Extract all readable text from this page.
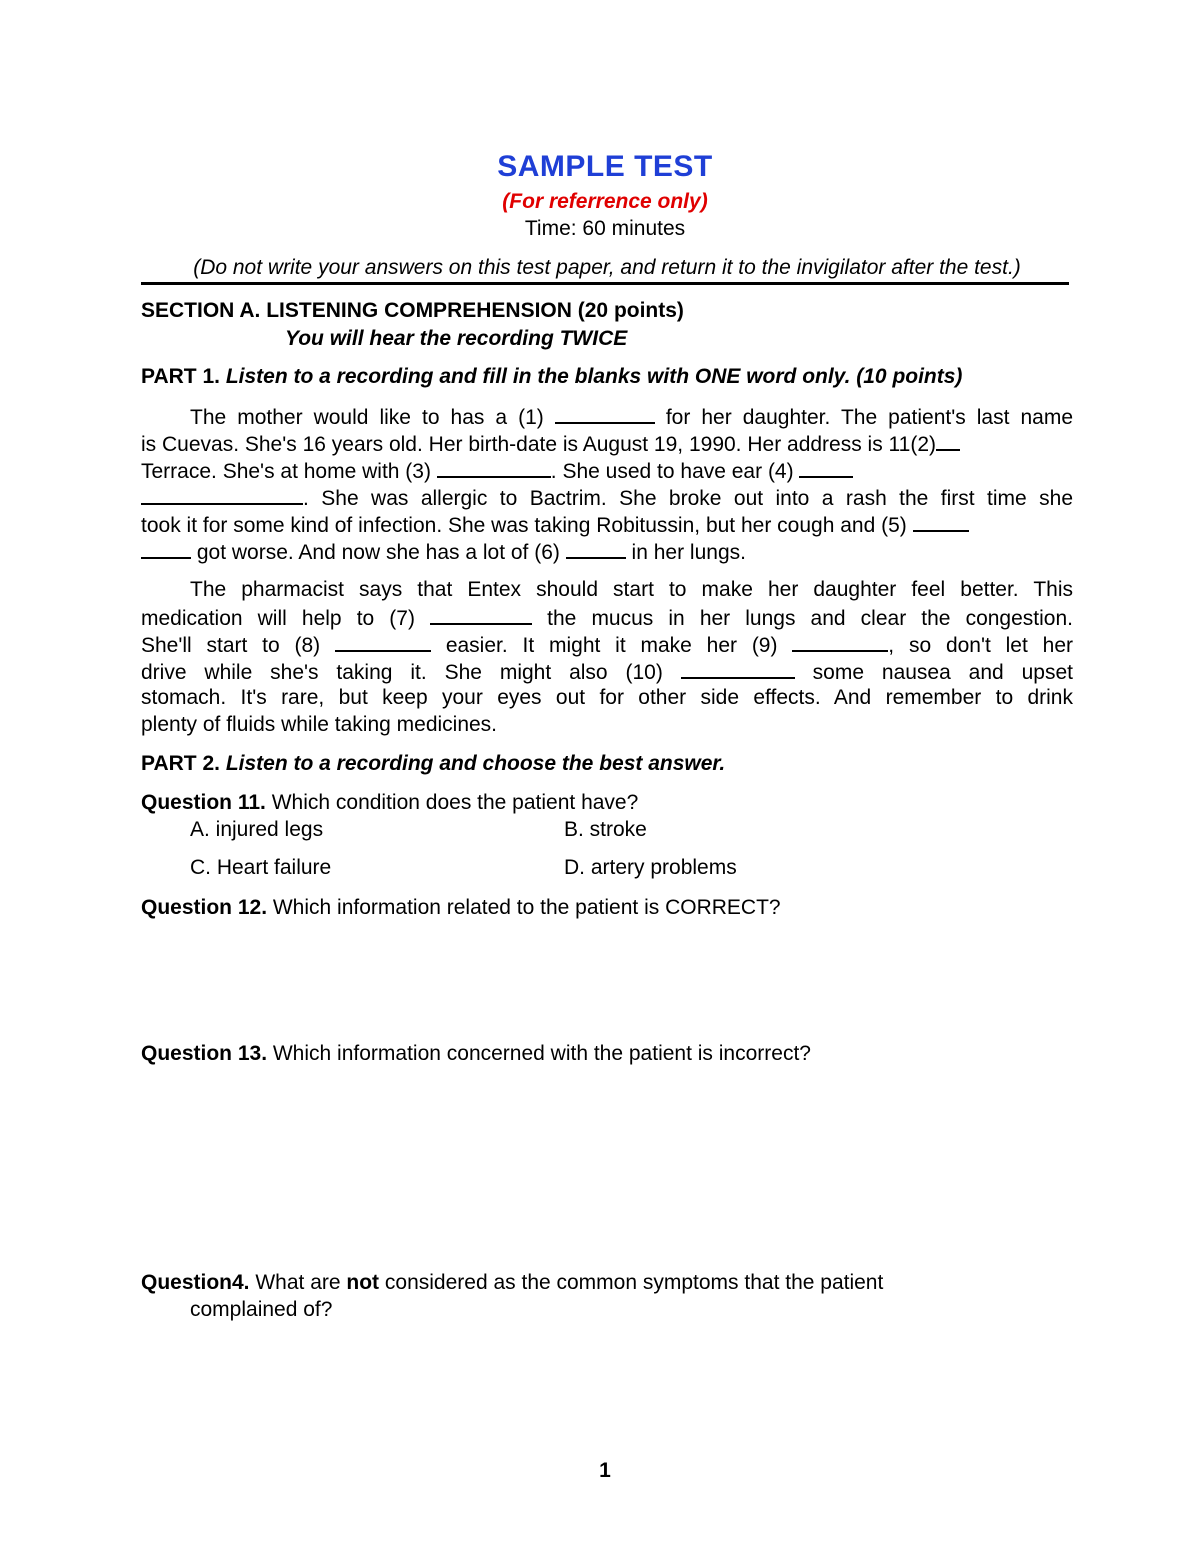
SAMPLE TEST
(For referrence only)
Time: 60 minutes
(Do not write your answers on this test paper, and return it to the invigilator after the test.)
SECTION A. LISTENING COMPREHENSION (20 points)
You will hear the recording TWICE
PART 1. Listen to a recording and fill in the blanks with ONE word only. (10 points)
The mother would like to has a (1)	for her daughter. The patient's last name
is Cuevas. She's 16 years old. Her birth-date is August 19, 1990. Her address is 11(2)
Terrace. She's at home with (3)	. She used to have ear (4)
. She was allergic to Bactrim. She broke out into a rash the first time she
took it for some kind of infection. She was taking Robitussin, but her cough and (5)
got worse. And now she has a lot of (6)	in her lungs.
The pharmacist says that Entex should start to make her daughter feel better. This
medication will help to (7)	the mucus in her lungs and clear the congestion.
She'll start to (8)	easier. It might it make her (9)	, so don't let her
drive while she's taking it. She might also (10)	some nausea and upset
stomach. It's rare, but keep your eyes out for other side effects. And remember to drink
plenty of fluids while taking medicines.
PART 2. Listen to a recording and choose the best answer.
Question 11. Which condition does the patient have?
A. injured legs	B. stroke
C. Heart failure	D. artery problems
Question 12. Which information related to the patient is CORRECT?
Question 13. Which information concerned with the patient is incorrect?
Question4. What are not considered as the common symptoms that the patient
complained of?
1
